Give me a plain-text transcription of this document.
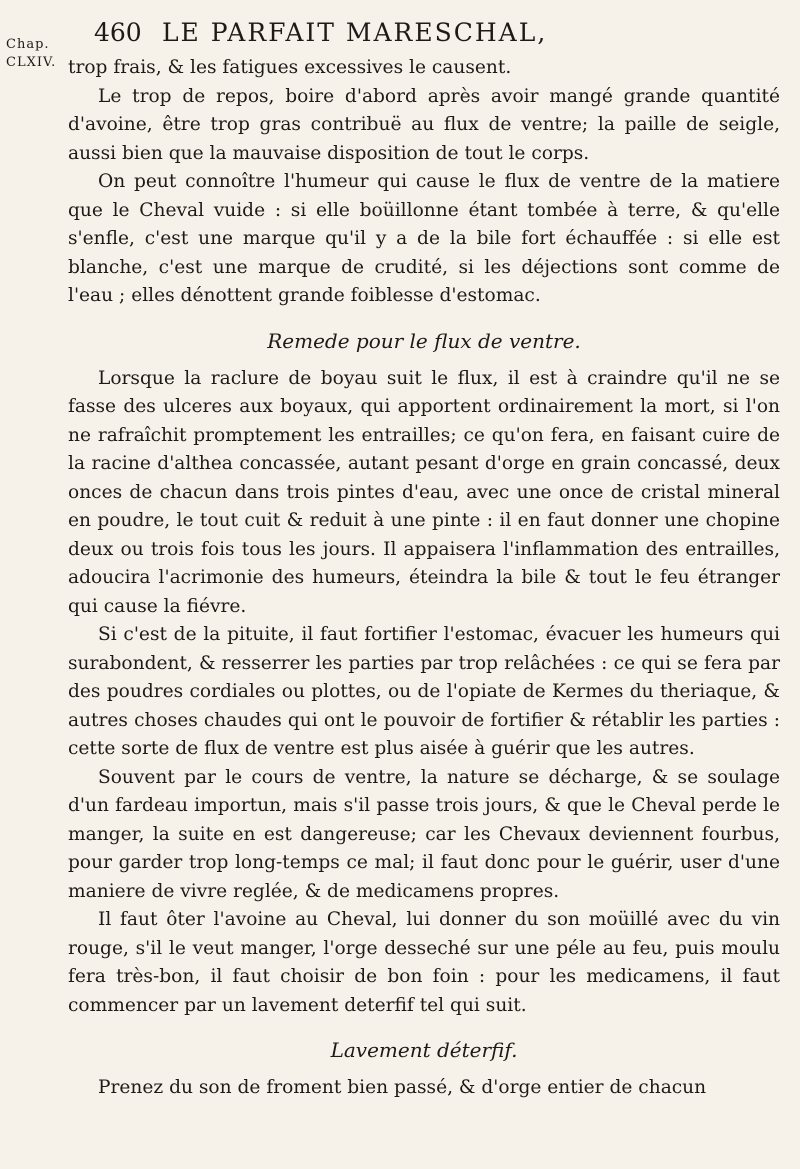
Chap.
CLXIV.
460 LE PARFAIT MARESCHAL,

trop frais, & les fatigues excessives le causent.

Le trop de repos, boire d'abord après avoir mangé grande quantité d'avoine, être trop gras contribuë au flux de ventre; la paille de seigle, aussi bien que la mauvaise disposition de tout le corps.

On peut connoître l'humeur qui cause le flux de ventre de la matiere que le Cheval vuide : si elle boüillonne étant tombée à terre, & qu'elle s'enfle, c'est une marque qu'il y a de la bile fort échauffée : si elle est blanche, c'est une marque de crudité, si les déjections sont comme de l'eau ; elles dénottent grande foiblesse d'estomac.

Remede pour le flux de ventre.

Lorsque la raclure de boyau suit le flux, il est à craindre qu'il ne se fasse des ulceres aux boyaux, qui apportent ordinairement la mort, si l'on ne rafraîchit promptement les entrailles; ce qu'on fera, en faisant cuire de la racine d'althea concassée, autant pesant d'orge en grain concassé, deux onces de chacun dans trois pintes d'eau, avec une once de cristal mineral en poudre, le tout cuit & reduit à une pinte : il en faut donner une chopine deux ou trois fois tous les jours. Il appaisera l'inflammation des entrailles, adoucira l'acrimonie des humeurs, éteindra la bile & tout le feu étranger qui cause la fiévre.

Si c'est de la pituite, il faut fortifier l'estomac, évacuer les humeurs qui surabondent, & resserrer les parties par trop relâchées : ce qui se fera par des poudres cordiales ou plottes, ou de l'opiate de Kermes du theriaque, & autres choses chaudes qui ont le pouvoir de fortifier & rétablir les parties : cette sorte de flux de ventre est plus aisée à guérir que les autres.

Souvent par le cours de ventre, la nature se décharge, & se soulage d'un fardeau importun, mais s'il passe trois jours, & que le Cheval perde le manger, la suite en est dangereuse; car les Chevaux deviennent fourbus, pour garder trop long-temps ce mal; il faut donc pour le guérir, user d'une maniere de vivre reglée, & de medicamens propres.

Il faut ôter l'avoine au Cheval, lui donner du son moüillé avec du vin rouge, s'il le veut manger, l'orge desseché sur une péle au feu, puis moulu fera très-bon, il faut choisir de bon foin : pour les medicamens, il faut commencer par un lavement deterfif tel qui suit.

Lavement déterfif.

Prenez du son de froment bien passé, & d'orge entier de chacun
